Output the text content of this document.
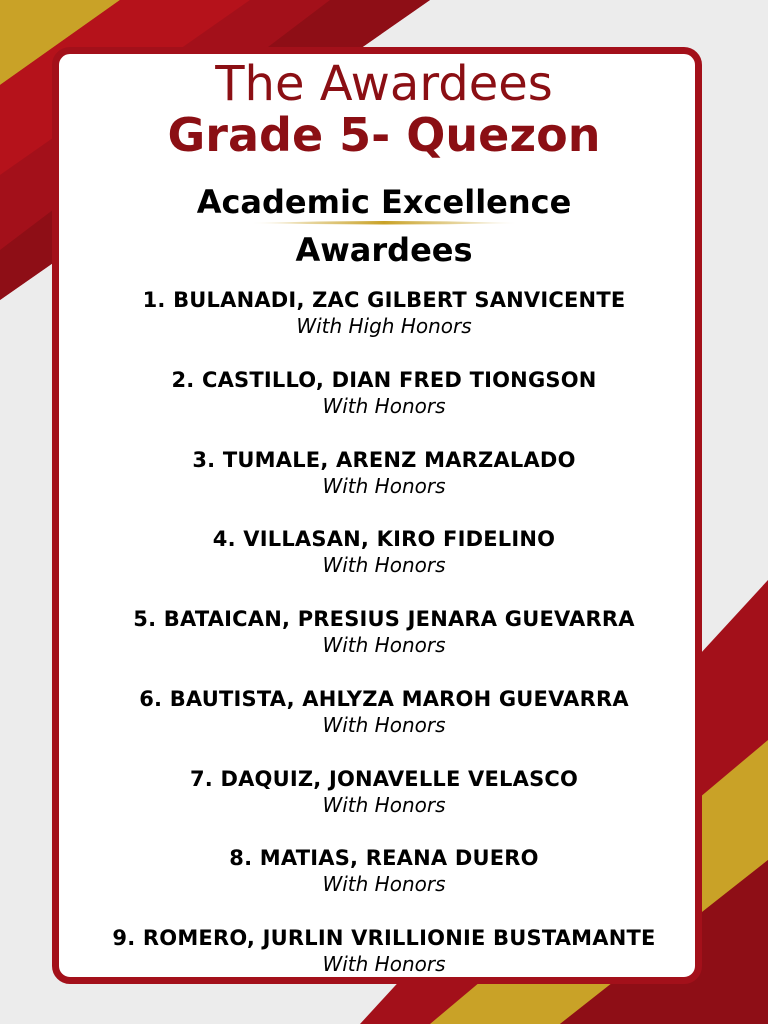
The Awardees
Grade 5- Quezon
Academic Excellence
Awardees
1. BULANADI, ZAC GILBERT SANVICENTE
With High Honors
2. CASTILLO, DIAN FRED TIONGSON
With Honors
3. TUMALE, ARENZ MARZALADO
With Honors
4. VILLASAN, KIRO FIDELINO
With Honors
5. BATAICAN, PRESIUS JENARA GUEVARRA
With Honors
6. BAUTISTA, AHLYZA MAROH GUEVARRA
With Honors
7. DAQUIZ, JONAVELLE VELASCO
With Honors
8. MATIAS, REANA DUERO
With Honors
9. ROMERO, JURLIN VRILLIONIE BUSTAMANTE
With Honors
